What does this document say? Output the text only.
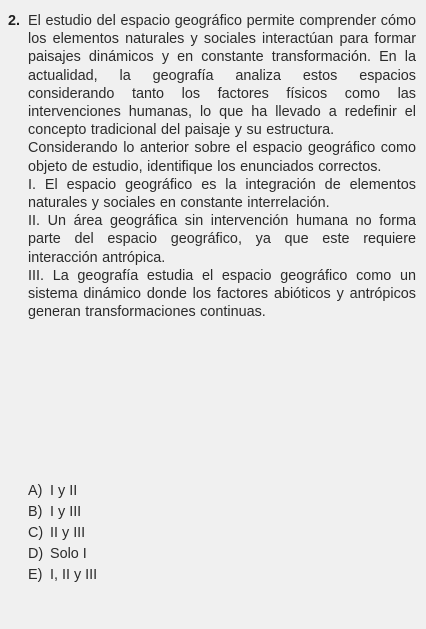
2. El estudio del espacio geográfico permite comprender cómo los elementos naturales y sociales interactúan para formar paisajes dinámicos y en constante transformación. En la actualidad, la geografía analiza estos espacios considerando tanto los factores físicos como las intervenciones humanas, lo que ha llevado a redefinir el concepto tradicional del paisaje y su estructura.

Considerando lo anterior sobre el espacio geográfico como objeto de estudio, identifique los enunciados correctos.

I. El espacio geográfico es la integración de elementos naturales y sociales en constante interrelación.

II. Un área geográfica sin intervención humana no forma parte del espacio geográfico, ya que este requiere interacción antrópica.

III. La geografía estudia el espacio geográfico como un sistema dinámico donde los factores abióticos y antrópicos generan transformaciones continuas.

A) I y II
B) I y III
C) II y III
D) Solo I
E) I, II y III
